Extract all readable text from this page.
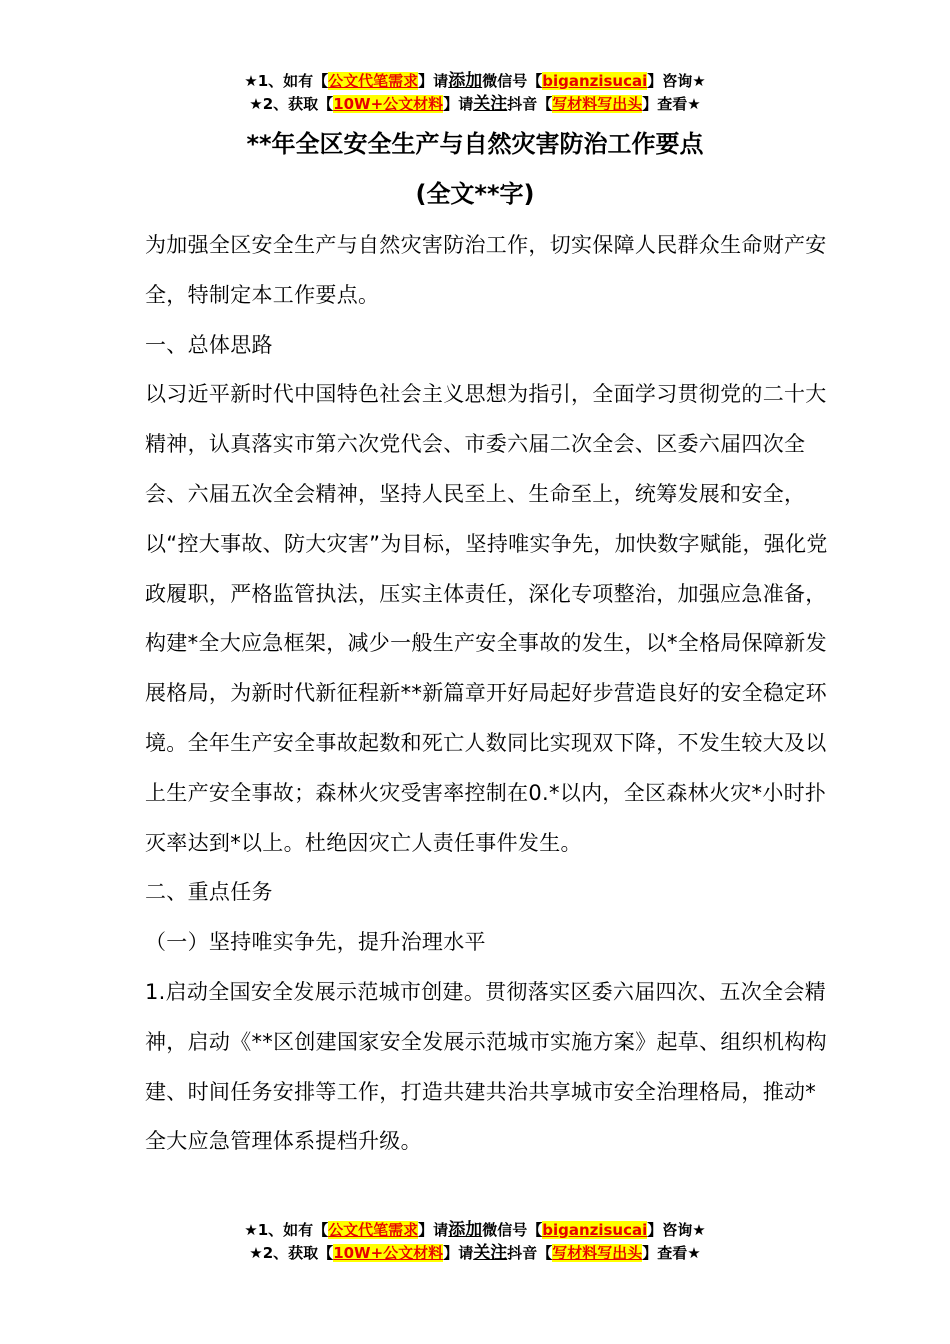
★1、如有【公文代笔需求】请添加微信号【biganzisucai】咨询★
★2、获取【10W+公文材料】请关注抖音【写材料写出头】查看★
**年全区安全生产与自然灾害防治工作要点
(全文**字)

为加强全区安全生产与自然灾害防治工作，切实保障人民群众生命财产安全，特制定本工作要点。

一、总体思路

以习近平新时代中国特色社会主义思想为指引，全面学习贯彻党的二十大精神，认真落实市第六次党代会、市委六届二次全会、区委六届四次全会、六届五次全会精神，坚持人民至上、生命至上，统筹发展和安全，以“控大事故、防大灾害”为目标，坚持唯实争先，加快数字赋能，强化党政履职，严格监管执法，压实主体责任，深化专项整治，加强应急准备，构建*全大应急框架，减少一般生产安全事故的发生，以*全格局保障新发展格局，为新时代新征程新**新篇章开好局起好步营造良好的安全稳定环境。全年生产安全事故起数和死亡人数同比实现双下降，不发生较大及以上生产安全事故；森林火灾受害率控制在0.*以内，全区森林火灾*小时扑灭率达到*以上。杜绝因灾亡人责任事件发生。

二、重点任务

（一）坚持唯实争先，提升治理水平

1.启动全国安全发展示范城市创建。贯彻落实区委六届四次、五次全会精神，启动《**区创建国家安全发展示范城市实施方案》起草、组织机构构建、时间任务安排等工作，打造共建共治共享城市安全治理格局，推动*全大应急管理体系提档升级。

★1、如有【公文代笔需求】请添加微信号【biganzisucai】咨询★
★2、获取【10W+公文材料】请关注抖音【写材料写出头】查看★
